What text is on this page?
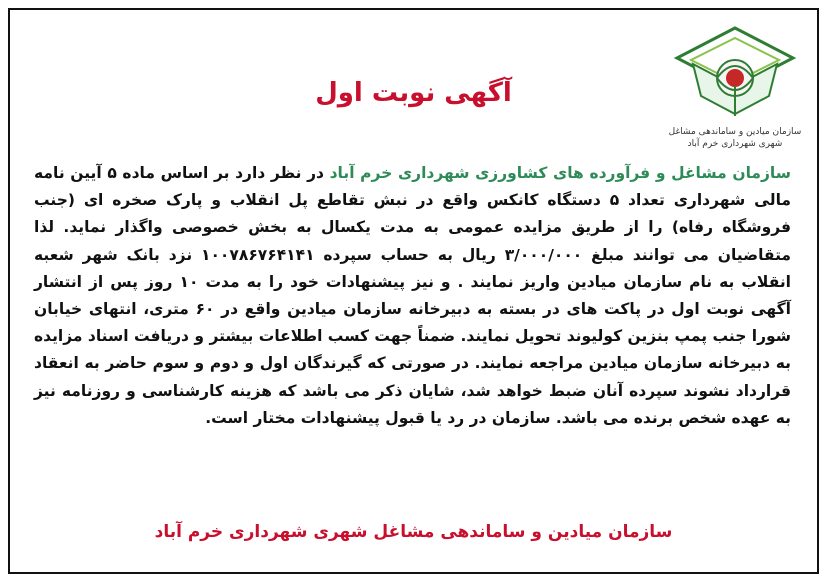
سازمان میادین و ساماندهی مشاغل شهری شهرداری خرم آباد
آگهی نوبت اول
سازمان مشاغل و فرآورده های کشاورزی شهرداری خرم آباد در نظر دارد بر اساس ماده ۵ آیین نامه مالی شهرداری تعداد ۵ دستگاه کانکس واقع در نبش تقاطع پل انقلاب و پارک صخره ای (جنب فروشگاه رفاه) را از طریق مزایده عمومی به مدت یکسال به بخش خصوصی واگذار نماید. لذا متقاضیان می توانند مبلغ ۳/۰۰۰/۰۰۰ ریال به حساب سپرده ۱۰۰۷۸۶۷۶۴۱۴۱ نزد بانک شهر شعبه انقلاب به نام سازمان میادین واریز نمایند . و نیز پیشنهادات خود را به مدت ۱۰ روز پس از انتشار آگهی نوبت اول در پاکت های در بسته به دبیرخانه سازمان میادین واقع در ۶۰ متری، انتهای خیابان شورا جنب پمپ بنزین کولیوند تحویل نمایند. ضمناً جهت کسب اطلاعات بیشتر و دریافت اسناد مزایده به دبیرخانه سازمان میادین مراجعه نمایند. در صورتی که گیرندگان اول و دوم و سوم حاضر به انعقاد قرارداد نشوند سپرده آنان ضبط خواهد شد، شایان ذکر می باشد که هزینه کارشناسی و روزنامه نیز به عهده شخص برنده می باشد. سازمان در رد یا قبول پیشنهادات مختار است.
سازمان میادین و ساماندهی مشاغل شهری شهرداری خرم آباد
